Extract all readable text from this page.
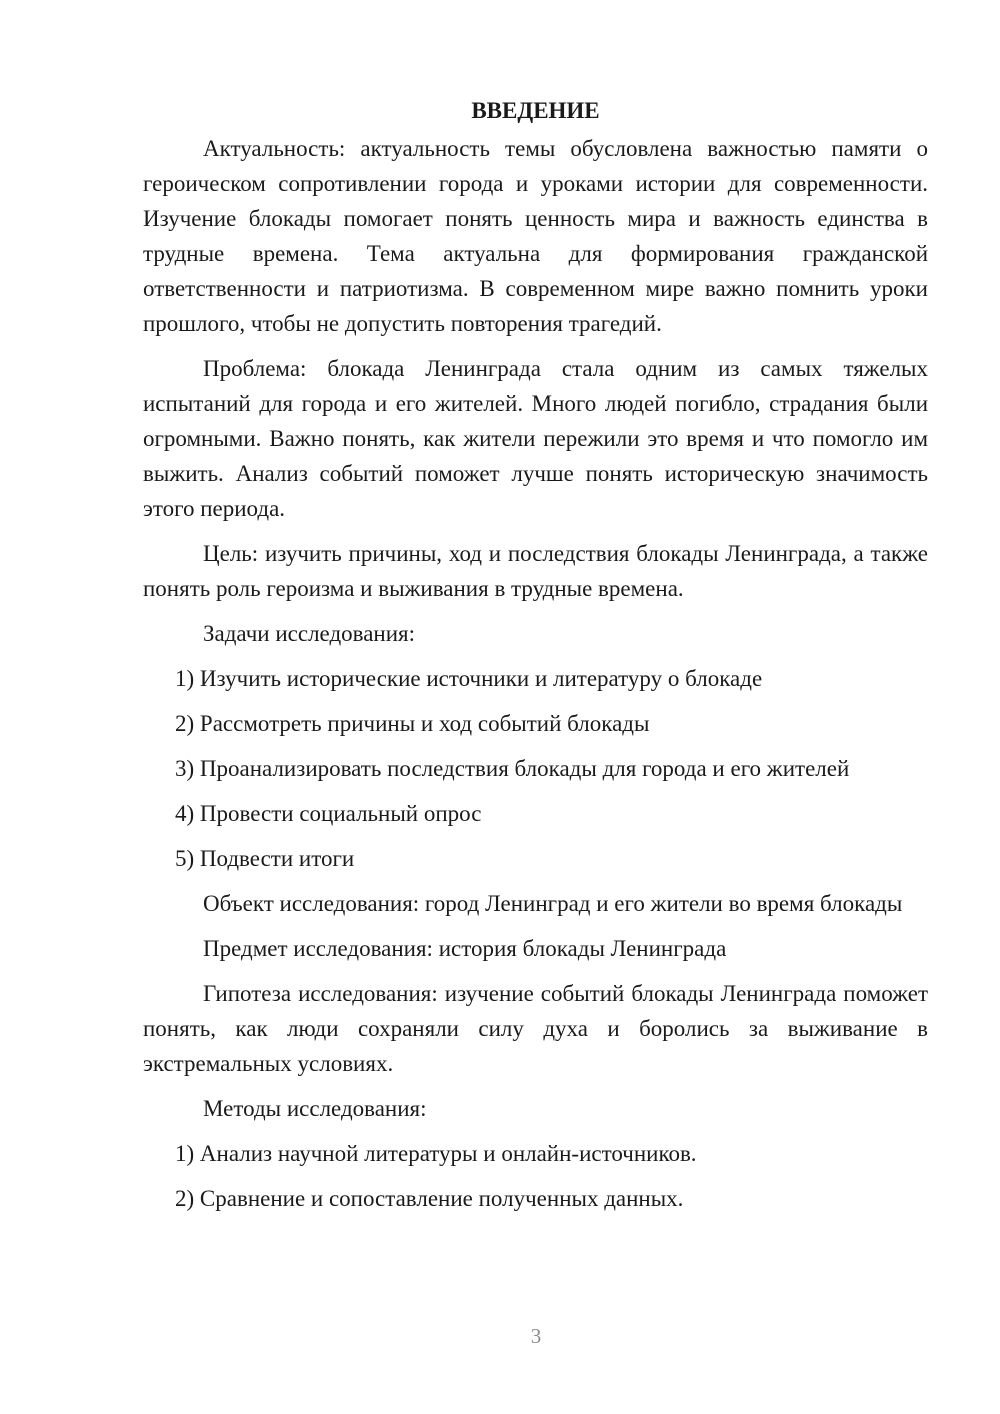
ВВЕДЕНИЕ

Актуальность: актуальность темы обусловлена важностью памяти о героическом сопротивлении города и уроками истории для современности. Изучение блокады помогает понять ценность мира и важность единства в трудные времена. Тема актуальна для формирования гражданской ответственности и патриотизма. В современном мире важно помнить уроки прошлого, чтобы не допустить повторения трагедий.

Проблема: блокада Ленинграда стала одним из самых тяжелых испытаний для города и его жителей. Много людей погибло, страдания были огромными. Важно понять, как жители пережили это время и что помогло им выжить. Анализ событий поможет лучше понять историческую значимость этого периода.

Цель: изучить причины, ход и последствия блокады Ленинграда, а также понять роль героизма и выживания в трудные времена.

Задачи исследования:

1) Изучить исторические источники и литературу о блокаде

2) Рассмотреть причины и ход событий блокады

3) Проанализировать последствия блокады для города и его жителей

4) Провести социальный опрос

5) Подвести итоги

Объект исследования: город Ленинград и его жители во время блокады

Предмет исследования: история блокады Ленинграда

Гипотеза исследования: изучение событий блокады Ленинграда поможет понять, как люди сохраняли силу духа и боролись за выживание в экстремальных условиях.

Методы исследования:

1) Анализ научной литературы и онлайн-источников.

2) Сравнение и сопоставление полученных данных.

3
